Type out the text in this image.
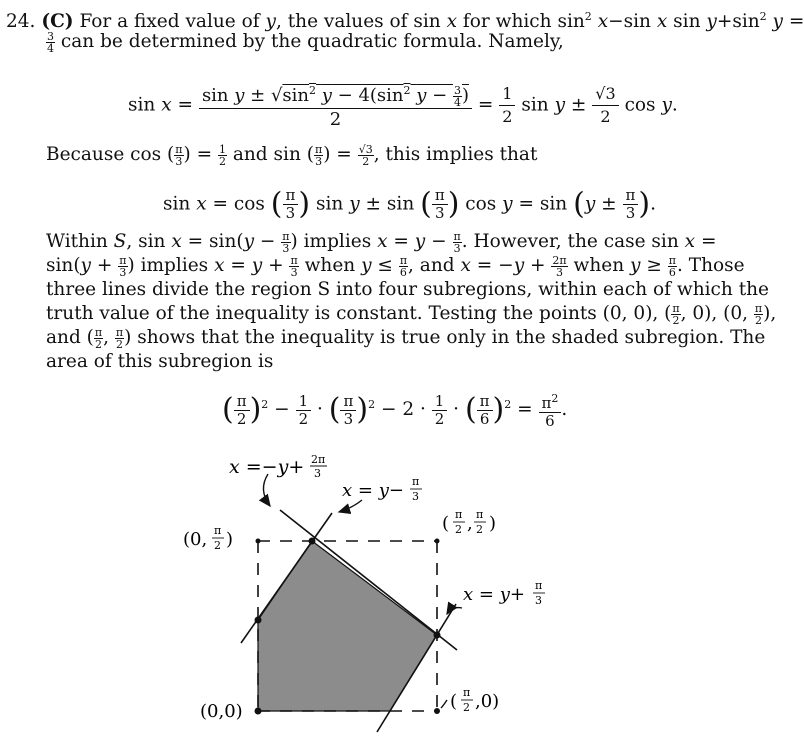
24. (C) For a fixed value of y, the values of sin x for which $\sin^2 x-\sin$ x $\sin y+\sin^2$ y =
$\frac{3}{4}$ can be determined by the quadratic formula. Namely,
$\sin x = \frac{\sin y \pm √\sin^2 y - 4(\sin^2 y - \frac{3}{4} )}{2} = \frac{1}{2}$ $\sin y \pm \frac{√3}{2}$ cos y.
Because cos ( $\frac{\pi}{3}$ ) = $\frac{1}{2}$ and sin ( $\frac{\pi}{3}$ ) = $\frac{√3}{2}$ , this implies that
sin x = cos ( $\frac{\pi}{3}$ ) sin y ± sin ( $\frac{\pi}{3}$ ) $\cos y = \sin (y \pm \frac{\pi}{3}$ ).
Within S, $\sin x = \sin(y - \frac{\pi}{3}$ ) implies $x = y - \frac{\pi}{3}$ . However, the case sin x =
$\sin(y + \frac{\pi}{3}$ ) implies $x = y + \frac{\pi}{3}$ when $y \le \frac{\pi}{6}$ , and $x = -y + \frac{2\pi}{3}$ when $y \ge \frac{\pi}{6}$ . Those
three lines divide the region S into four subregions, within each of which the
truth value of the inequality is constant. Testing the points (0, 0), ( $\frac{\pi}{2}$ , 0), (0, $\frac{\pi}{2}$ ),
and ( $\frac{\pi}{2}$ , $\frac{\pi}{2}$ ) shows that the inequality is true only in the shaded subregion. The
area of this subregion is
( $\frac{\pi}{2} )^2 - \frac{1}{2}$ · ( $\frac{\pi}{3} )^2 - 2 \cdot \frac{1}{2}$ · ( $\frac{\pi}{6} )^2 = \frac{\pi^2}{6}$ .
x =−y+ 2π
3
x = y− π
3
x = y+ π
3
(0, π
2 )
( π
2 , π
2 )
(0,0)	( π
2 ,0)
